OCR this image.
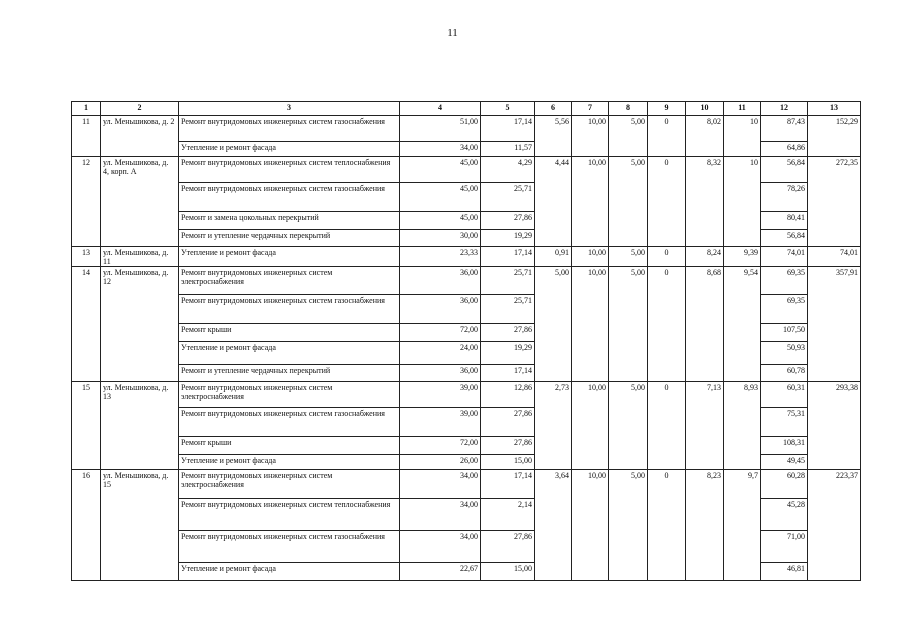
11
1	2	3	4	5	6	7	8	9	10	11	12	13
11	ул. Меньшикова, д. 2	Ремонт внутридомовых инженерных систем газоснабжения	51,00	17,14	5,56	10,00	5,00	0	8,02	10	87,43	152,29
		Утепление и ремонт фасада	34,00	11,57							64,86	
12	ул. Меньшикова, д. 4, корп. А	Ремонт внутридомовых инженерных систем теплоснабжения	45,00	4,29	4,44	10,00	5,00	0	8,32	10	56,84	272,35
		Ремонт внутридомовых инженерных систем газоснабжения	45,00	25,71							78,26	
		Ремонт и замена цокольных перекрытий	45,00	27,86							80,41	
		Ремонт и утепление чердачных перекрытий	30,00	19,29							56,84	
13	ул. Меньшикова, д. 11	Утепление и ремонт фасада	23,33	17,14	0,91	10,00	5,00	0	8,24	9,39	74,01	74,01
14	ул. Меньшикова, д. 12	Ремонт внутридомовых инженерных систем электроснабжения	36,00	25,71	5,00	10,00	5,00	0	8,68	9,54	69,35	357,91
		Ремонт внутридомовых инженерных систем газоснабжения	36,00	25,71							69,35	
		Ремонт крыши	72,00	27,86							107,50	
		Утепление и ремонт фасада	24,00	19,29							50,93	
		Ремонт и утепление чердачных перекрытий	36,00	17,14							60,78	
15	ул. Меньшикова, д. 13	Ремонт внутридомовых инженерных систем электроснабжения	39,00	12,86	2,73	10,00	5,00	0	7,13	8,93	60,31	293,38
		Ремонт внутридомовых инженерных систем газоснабжения	39,00	27,86							75,31	
		Ремонт крыши	72,00	27,86							108,31	
		Утепление и ремонт фасада	26,00	15,00							49,45	
16	ул. Меньшикова, д. 15	Ремонт внутридомовых инженерных систем электроснабжения	34,00	17,14	3,64	10,00	5,00	0	8,23	9,7	60,28	223,37
		Ремонт внутридомовых инженерных систем теплоснабжения	34,00	2,14							45,28	
		Ремонт внутридомовых инженерных систем газоснабжения	34,00	27,86							71,00	
		Утепление и ремонт фасада	22,67	15,00							46,81	
